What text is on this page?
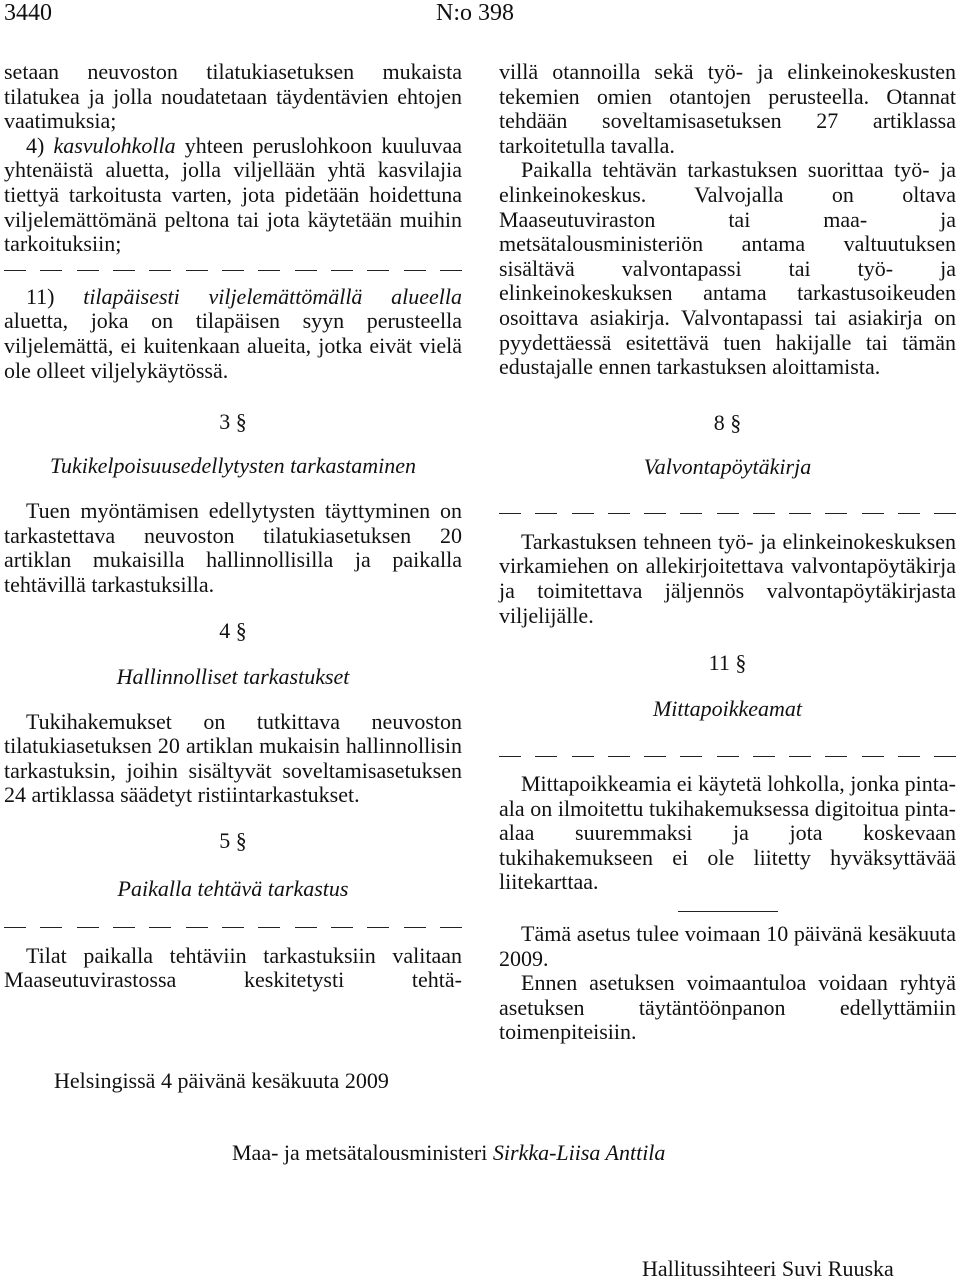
3440	N:o 398

setaan neuvoston tilatukiasetuksen mukaista tilatukea ja jolla noudatetaan täydentävien ehtojen vaatimuksia;

4) kasvulohkolla yhteen peruslohkoon kuuluvaa yhtenäistä aluetta, jolla viljellään yhtä kasvilajia tiettyä tarkoitusta varten, jota pidetään hoidettuna viljelemättömänä peltona tai jota käytetään muihin tarkoituksiin;

11) tilapäisesti viljelemättömällä alueella aluetta, joka on tilapäisen syyn perusteella viljelemättä, ei kuitenkaan alueita, jotka eivät vielä ole olleet viljelykäytössä.

3 §

Tukikelpoisuusedellytysten tarkastaminen

Tuen myöntämisen edellytysten täyttyminen on tarkastettava neuvoston tilatukiasetuksen 20 artiklan mukaisilla hallinnollisilla ja paikalla tehtävillä tarkastuksilla.

4 §

Hallinnolliset tarkastukset

Tukihakemukset on tutkittava neuvoston tilatukiasetuksen 20 artiklan mukaisin hallinnollisin tarkastuksin, joihin sisältyvät soveltamisasetuksen 24 artiklassa säädetyt ristiintarkastukset.

5 §

Paikalla tehtävä tarkastus

Tilat paikalla tehtäviin tarkastuksiin valitaan Maaseutuvirastossa keskitetysti tehtä-

villä otannoilla sekä työ- ja elinkeinokeskusten tekemien omien otantojen perusteella. Otannat tehdään soveltamisasetuksen 27 artiklassa tarkoitetulla tavalla.

Paikalla tehtävän tarkastuksen suorittaa työ- ja elinkeinokeskus. Valvojalla on oltava Maaseutuviraston tai maa- ja metsätalousministeriön antama valtuutuksen sisältävä valvontapassi tai työ- ja elinkeinokeskuksen antama tarkastusoikeuden osoittava asiakirja. Valvontapassi tai asiakirja on pyydettäessä esitettävä tuen hakijalle tai tämän edustajalle ennen tarkastuksen aloittamista.

8 §

Valvontapöytäkirja

Tarkastuksen tehneen työ- ja elinkeinokeskuksen virkamiehen on allekirjoitettava valvontapöytäkirja ja toimitettava jäljennös valvontapöytäkirjasta viljelijälle.

11 §

Mittapoikkeamat

Mittapoikkeamia ei käytetä lohkolla, jonka pinta-ala on ilmoitettu tukihakemuksessa digitoitua pinta-alaa suuremmaksi ja jota koskevaan tukihakemukseen ei ole liitetty hyväksyttävää liitekarttaa.

Tämä asetus tulee voimaan 10 päivänä kesäkuuta 2009.

Ennen asetuksen voimaantuloa voidaan ryhtyä asetuksen täytäntöönpanon edellyttämiin toimenpiteisiin.

Helsingissä 4 päivänä kesäkuuta 2009
Maa- ja metsätalousministeri Sirkka-Liisa Anttila
Hallitussihteeri Suvi Ruuska
